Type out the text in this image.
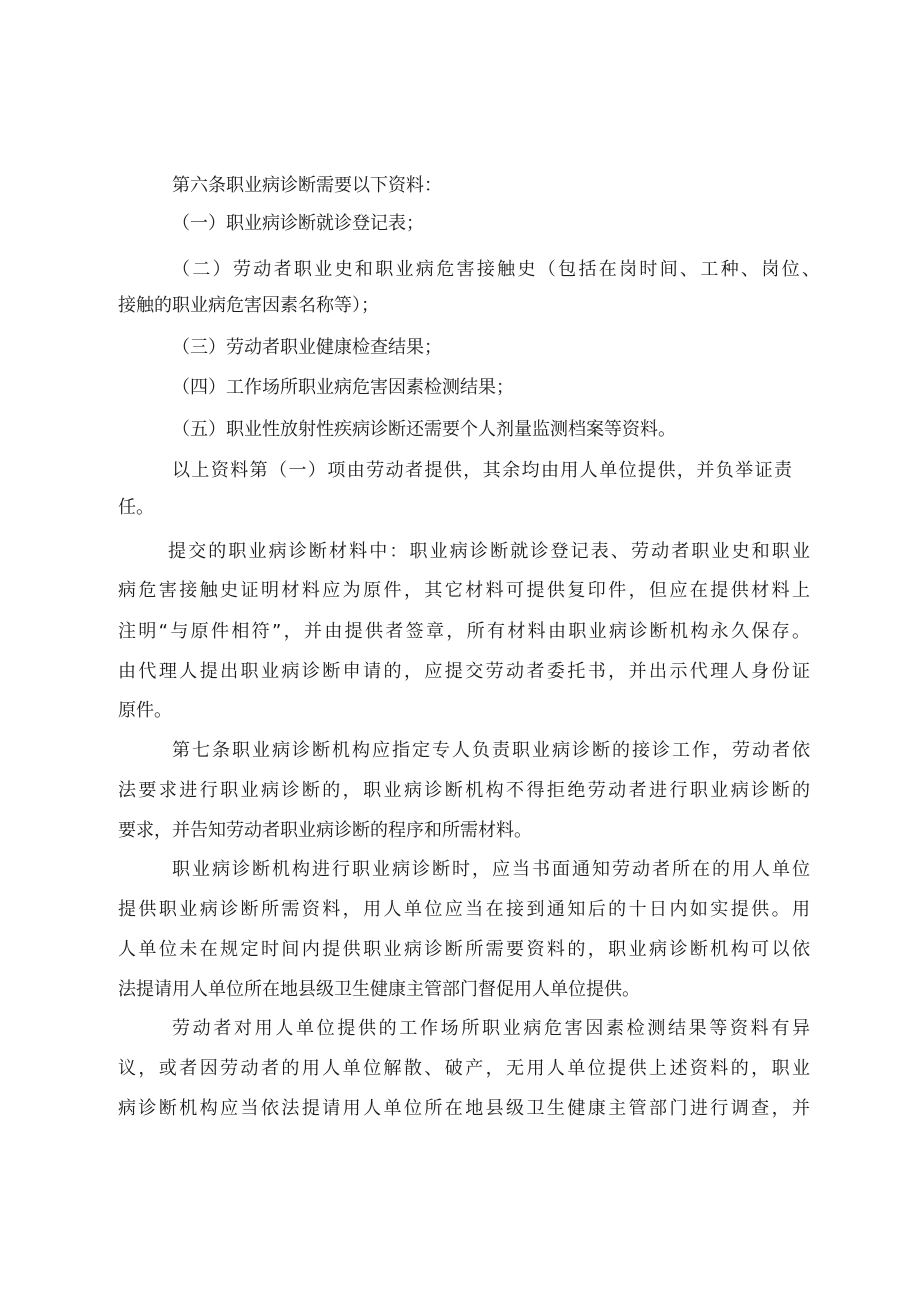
第六条职业病诊断需要以下资料：

（一）职业病诊断就诊登记表；

（二）劳动者职业史和职业病危害接触史（包括在岗时间、工种、岗位、

接触的职业病危害因素名称等）；

（三）劳动者职业健康检查结果；

（四）工作场所职业病危害因素检测结果；

（五）职业性放射性疾病诊断还需要个人剂量监测档案等资料。

以上资料第（一）项由劳动者提供，其余均由用人单位提供，并负举证责

任。

提交的职业病诊断材料中：职业病诊断就诊登记表、劳动者职业史和职业

病危害接触史证明材料应为原件，其它材料可提供复印件，但应在提供材料上

注明“与原件相符”，并由提供者签章，所有材料由职业病诊断机构永久保存。

由代理人提出职业病诊断申请的，应提交劳动者委托书，并出示代理人身份证

原件。

第七条职业病诊断机构应指定专人负责职业病诊断的接诊工作，劳动者依

法要求进行职业病诊断的，职业病诊断机构不得拒绝劳动者进行职业病诊断的

要求，并告知劳动者职业病诊断的程序和所需材料。

职业病诊断机构进行职业病诊断时，应当书面通知劳动者所在的用人单位

提供职业病诊断所需资料，用人单位应当在接到通知后的十日内如实提供。用

人单位未在规定时间内提供职业病诊断所需要资料的，职业病诊断机构可以依

法提请用人单位所在地县级卫生健康主管部门督促用人单位提供。

劳动者对用人单位提供的工作场所职业病危害因素检测结果等资料有异

议，或者因劳动者的用人单位解散、破产，无用人单位提供上述资料的，职业

病诊断机构应当依法提请用人单位所在地县级卫生健康主管部门进行调查，并
